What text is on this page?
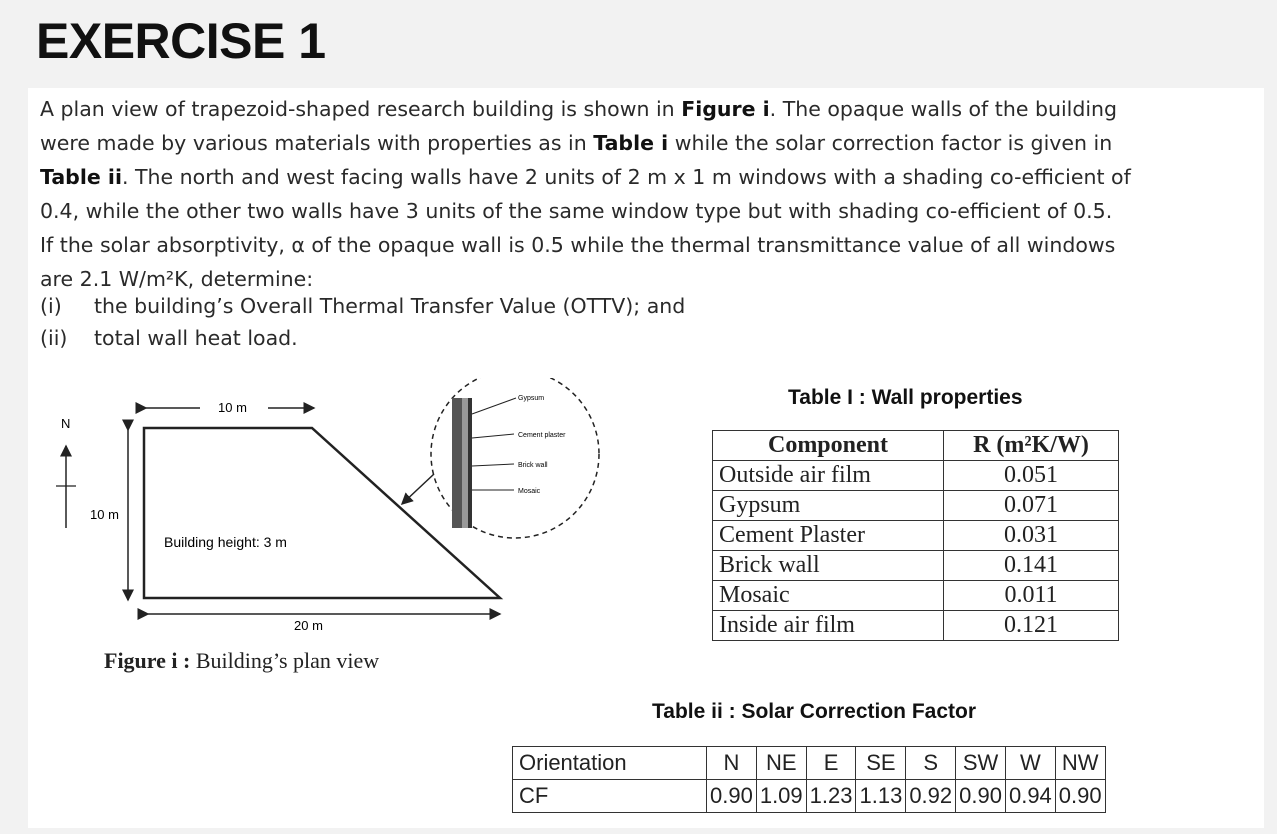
EXERCISE 1
A plan view of trapezoid-shaped research building is shown in Figure i. The opaque walls of the building
were made by various materials with properties as in Table i while the solar correction factor is given in
Table ii. The north and west facing walls have 2 units of 2 m x 1 m windows with a shading co-efficient of
0.4, while the other two walls have 3 units of the same window type but with shading co-efficient of 0.5.
If the solar absorptivity, α of the opaque wall is 0.5 while the thermal transmittance value of all windows
are 2.1 W/m²K, determine:
(i) the building’s Overall Thermal Transfer Value (OTTV); and
(ii) total wall heat load.
N
10 m
10 m
Building height: 3 m
20 m
Gypsum
Cement plaster
Brick wall
Mosaic
Figure i : Building’s plan view
Table I : Wall properties
Component	R (m²K/W)
Outside air film	0.051
Gypsum	0.071
Cement Plaster	0.031
Brick wall	0.141
Mosaic	0.011
Inside air film	0.121
Table ii : Solar Correction Factor
Orientation	N	NE	E	SE	S	SW	W	NW
CF	0.90	1.09	1.23	1.13	0.92	0.90	0.94	0.90
